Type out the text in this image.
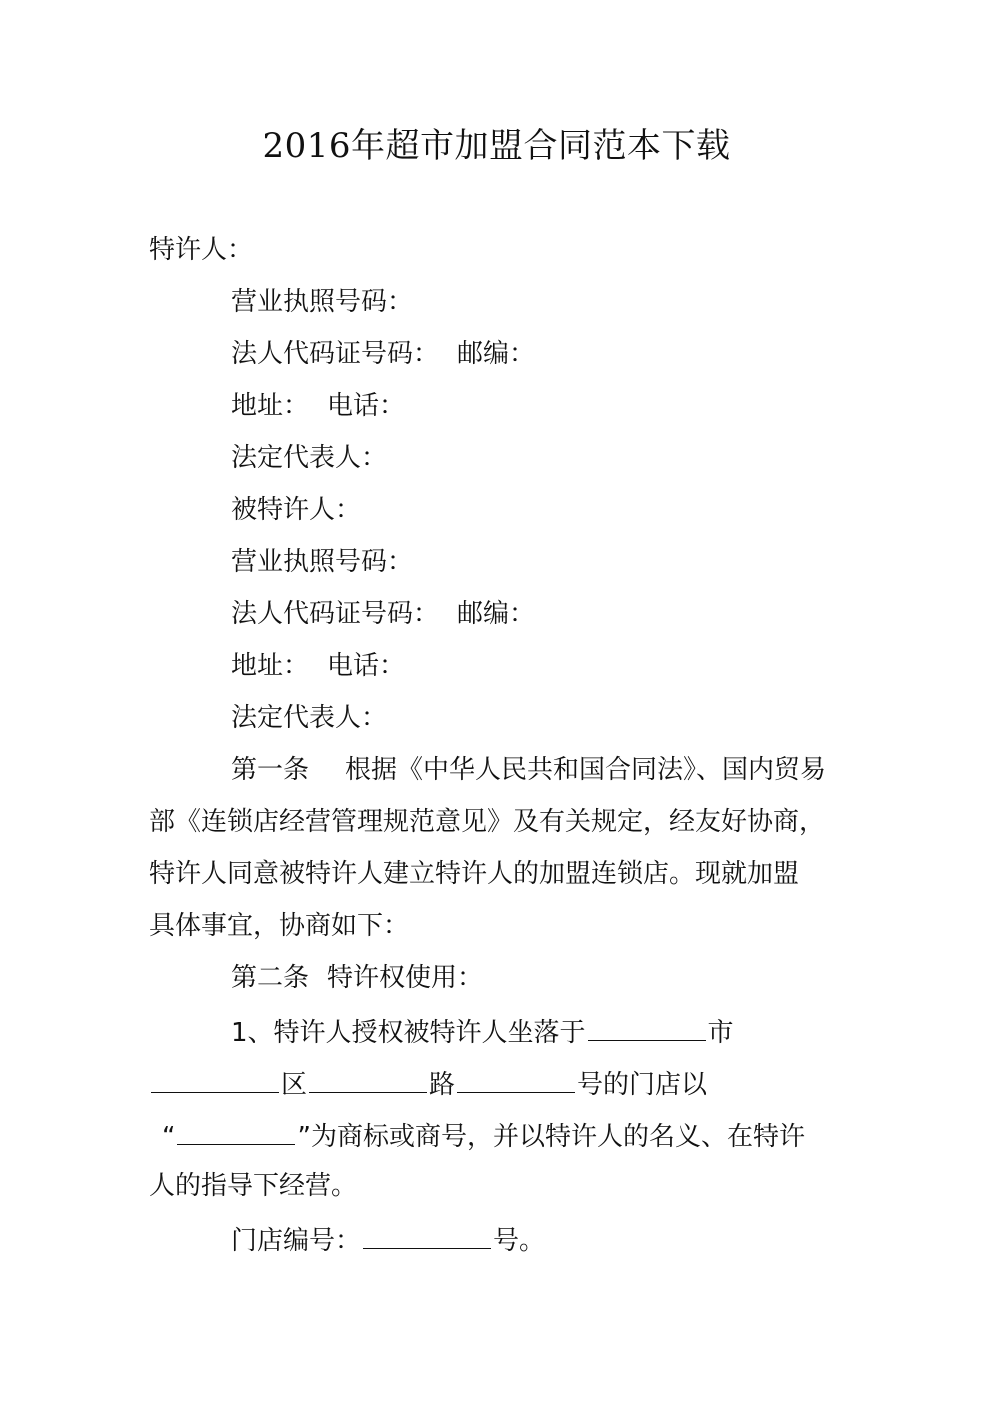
2016年超市加盟合同范本下载
特许人：
营业执照号码：
法人代码证号码： 邮编：
地址： 电话：
法定代表人：
被特许人：
营业执照号码：
法人代码证号码： 邮编：
地址： 电话：
法定代表人：
第一条 根据《中华人民共和国合同法》、国内贸易
部《连锁店经营管理规范意见》及有关规定，经友好协商，
特许人同意被特许人建立特许人的加盟连锁店。现就加盟
具体事宜，协商如下：
第二条 特许权使用：
1、特许人授权被特许人坐落于	市
区	路	号的门店以
“	”为商标或商号，并以特许人的名义、在特许
人的指导下经营。
门店编号：	号。
